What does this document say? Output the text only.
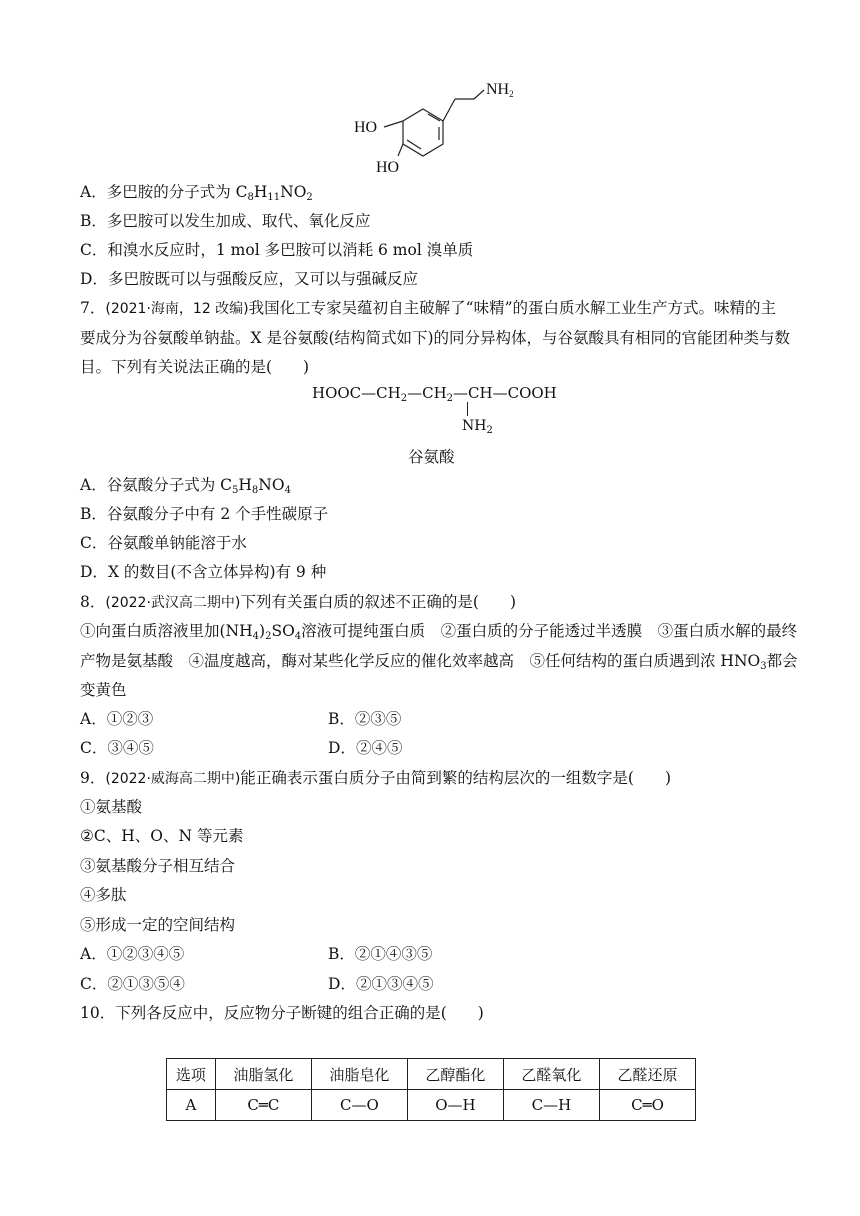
NH2
HO
HO
A．多巴胺的分子式为 $C_8H_{11}NO_2$
B．多巴胺可以发生加成、取代、氧化反应
C．和溴水反应时，1 mol 多巴胺可以消耗 6 mol 溴单质
D．多巴胺既可以与强酸反应，又可以与强碱反应
7．(2021·海南，12 改编)我国化工专家吴蕴初自主破解了“味精”的蛋白质水解工业生产方式。味精的主
要成分为谷氨酸单钠盐。X 是谷氨酸(结构简式如下)的同分异构体，与谷氨酸具有相同的官能团种类与数
目。下列有关说法正确的是(　　)
$HOOC—CH_2—CH_2—CH—COOH$
$NH_2$
谷氨酸
A．谷氨酸分子式为 $C_5H_8NO_4$
B．谷氨酸分子中有 2 个手性碳原子
C．谷氨酸单钠能溶于水
D．X 的数目(不含立体异构)有 9 种
8．(2022·武汉高二期中)下列有关蛋白质的叙述不正确的是(　　)
①向蛋白质溶液里加$(NH_4)_2SO_4$溶液可提纯蛋白质　②蛋白质的分子能透过半透膜　③蛋白质水解的最终
产物是氨基酸　④温度越高，酶对某些化学反应的催化效率越高　⑤任何结构的蛋白质遇到浓 $HNO_3$都会
变黄色
A．①②③	B．②③⑤
C．③④⑤	D．②④⑤
9．(2022·威海高二期中)能正确表示蛋白质分子由简到繁的结构层次的一组数字是(　　)
①氨基酸
②C、H、O、N 等元素
③氨基酸分子相互结合
④多肽
⑤形成一定的空间结构
A．①②③④⑤	B．②①④③⑤
C．②①③⑤④	D．②①③④⑤
10．下列各反应中，反应物分子断键的组合正确的是(　　)
选项	油脂氢化	油脂皂化	乙醇酯化	乙醛氧化	乙醛还原
A	C═C	C—O	O—H	C—H	C═O
